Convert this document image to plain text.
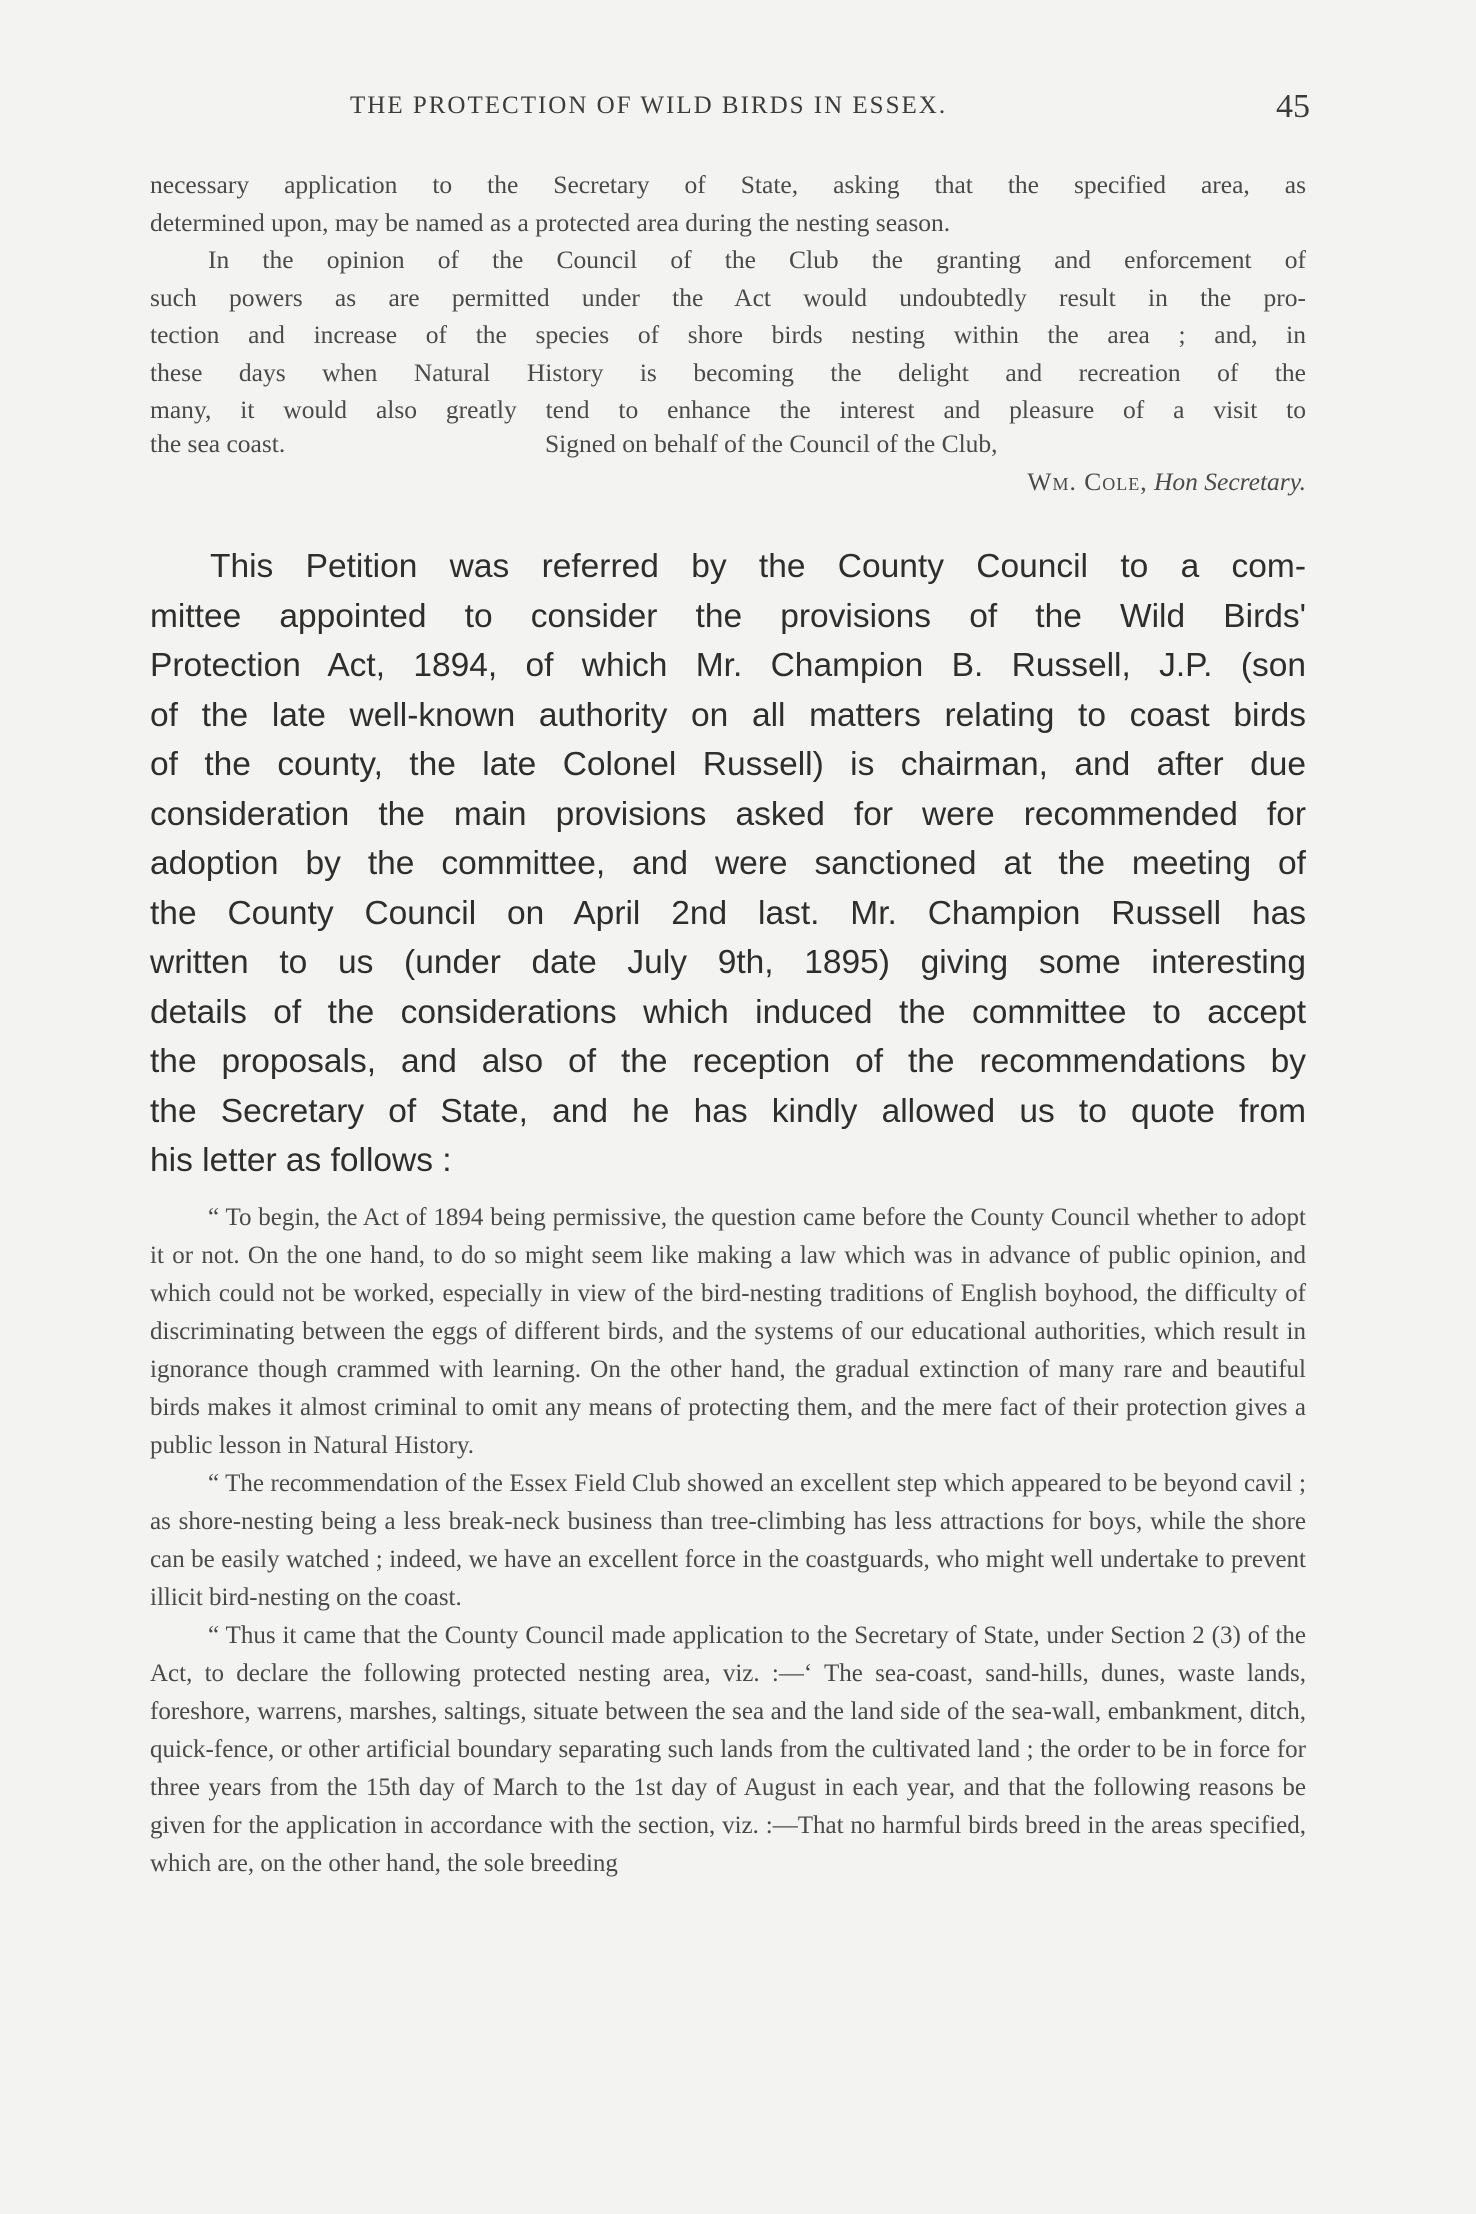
THE PROTECTION OF WILD BIRDS IN ESSEX.	45
necessary application to the Secretary of State, asking that the specified area, as
determined upon, may be named as a protected area during the nesting season.
In the opinion of the Council of the Club the granting and enforcement of
such powers as are permitted under the Act would undoubtedly result in the pro-
tection and increase of the species of shore birds nesting within the area ; and, in
these days when Natural History is becoming the delight and recreation of the
many, it would also greatly tend to enhance the interest and pleasure of a visit to
the sea coast.	Signed on behalf of the Council of the Club,
Wm. Cole, Hon Secretary.

This Petition was referred by the County Council to a com-

mittee appointed to consider the provisions of the Wild Birds'

Protection Act, 1894, of which Mr. Champion B. Russell, J.P. (son

of the late well-known authority on all matters relating to coast birds

of the county, the late Colonel Russell) is chairman, and after due

consideration the main provisions asked for were recommended for

adoption by the committee, and were sanctioned at the meeting of

the County Council on April 2nd last. Mr. Champion Russell has

written to us (under date July 9th, 1895) giving some interesting

details of the considerations which induced the committee to accept

the proposals, and also of the reception of the recommendations by

the Secretary of State, and he has kindly allowed us to quote from

his letter as follows :

“ To begin, the Act of 1894 being permissive, the question came before the County Council whether to adopt it or not. On the one hand, to do so might seem like making a law which was in advance of public opinion, and which could not be worked, especially in view of the bird-nesting traditions of English boyhood, the difficulty of discriminating between the eggs of different birds, and the systems of our educational authorities, which result in ignorance though crammed with learning. On the other hand, the gradual extinction of many rare and beautiful birds makes it almost criminal to omit any means of protecting them, and the mere fact of their protection gives a public lesson in Natural History.

“ The recommendation of the Essex Field Club showed an excellent step which appeared to be beyond cavil ; as shore-nesting being a less break-neck business than tree-climbing has less attractions for boys, while the shore can be easily watched ; indeed, we have an excellent force in the coastguards, who might well undertake to prevent illicit bird-nesting on the coast.

“ Thus it came that the County Council made application to the Secretary of State, under Section 2 (3) of the Act, to declare the following protected nesting area, viz. :—‘ The sea-coast, sand-hills, dunes, waste lands, foreshore, warrens, marshes, saltings, situate between the sea and the land side of the sea-wall, embankment, ditch, quick-fence, or other artificial boundary separating such lands from the cultivated land ; the order to be in force for three years from the 15th day of March to the 1st day of August in each year, and that the following reasons be given for the application in accordance with the section, viz. :—That no harmful birds breed in the areas specified, which are, on the other hand, the sole breeding
